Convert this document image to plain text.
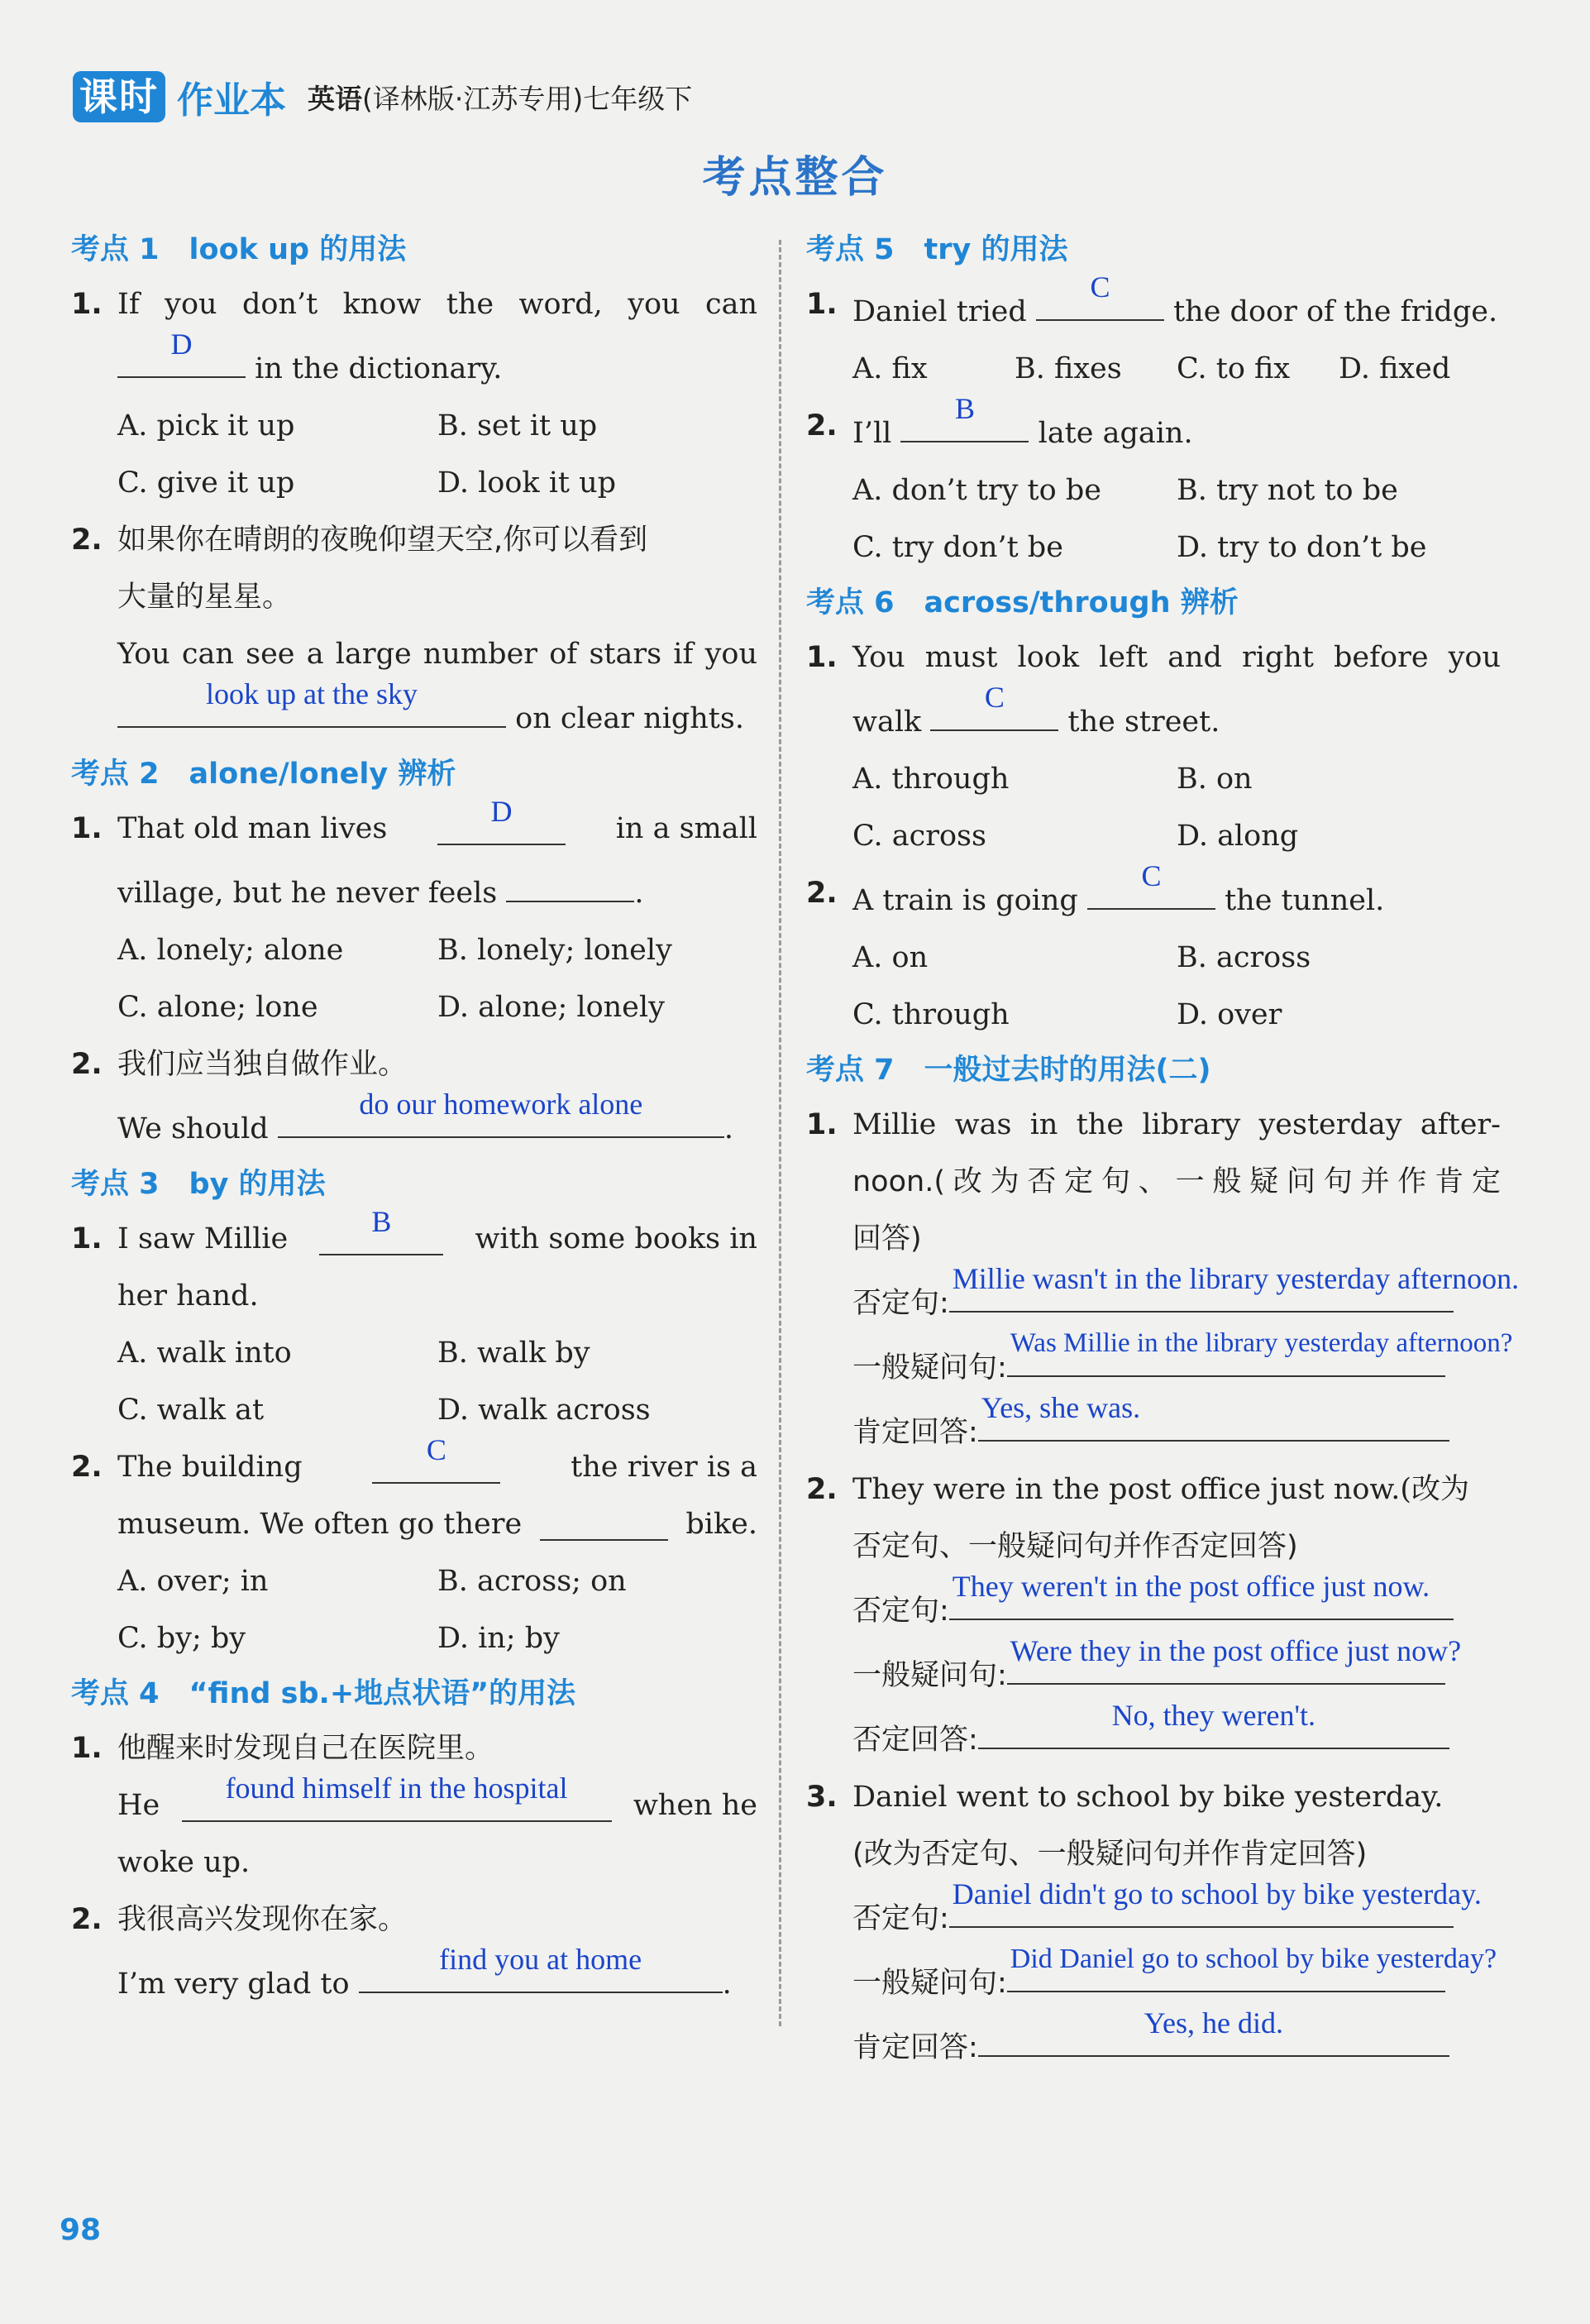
课时 作业本 英语(译林版·江苏专用)七年级下
考点整合
考点 1 look up 的用法
1. If you don’t know the word, you can
D
in the dictionary.
A. pick it up	B. set it up
C. give it up	D. look it up
2. 如果你在晴朗的夜晚仰望天空,你可以看到
大量的星星。
You can see a large number of stars if you
look up at the sky
on clear nights.
考点 2 alone/lonely 辨析
1. That old man lives
D
in a small
village, but he never feels	.
A. lonely; alone	B. lonely; lonely
C. alone; lone	D. alone; lonely
2. 我们应当独自做作业。
We should
do our homework alone
.
考点 3 by 的用法
1. I saw Millie
B
with some books in
her hand.
A. walk into	B. walk by
C. walk at	D. walk across
2. The building
C
the river is a
museum. We often go there	bike.
A. over; in	B. across; on
C. by; by	D. in; by
考点 4 “find sb.+地点状语”的用法
1. 他醒来时发现自己在医院里。
He
found himself in the hospital
when he
woke up.
2. 我很高兴发现你在家。
I’m very glad to
find you at home
.
考点 5 try 的用法
1. Daniel tried
C
the door of the fridge.
A. fix	B. fixes	C. to fix	D. fixed
2. I’ll
B
late again.
A. don’t try to be	B. try not to be
C. try don’t be	D. try to don’t be
考点 6 across/through 辨析
1. You must look left and right before you
walk
C
the street.
A. through	B. on
C. across	D. along
2. A train is going
C
the tunnel.
A. on	B. across
C. through	D. over
考点 7 一般过去时的用法(二)
1. Millie was in the library yesterday after-
noon.(改为否定句、一般疑问句并作肯定
回答)
否定句:
Millie wasn't in the library yesterday afternoon.
一般疑问句:
Was Millie in the library yesterday afternoon?
肯定回答:
Yes, she was.
2. They were in the post office just now.(改为
否定句、一般疑问句并作否定回答)
否定句:
They weren't in the post office just now.
一般疑问句:
Were they in the post office just now?
否定回答:
No, they weren't.
3. Daniel went to school by bike yesterday.
(改为否定句、一般疑问句并作肯定回答)
否定句:
Daniel didn't go to school by bike yesterday.
一般疑问句:
Did Daniel go to school by bike yesterday?
肯定回答:
Yes, he did.
98
